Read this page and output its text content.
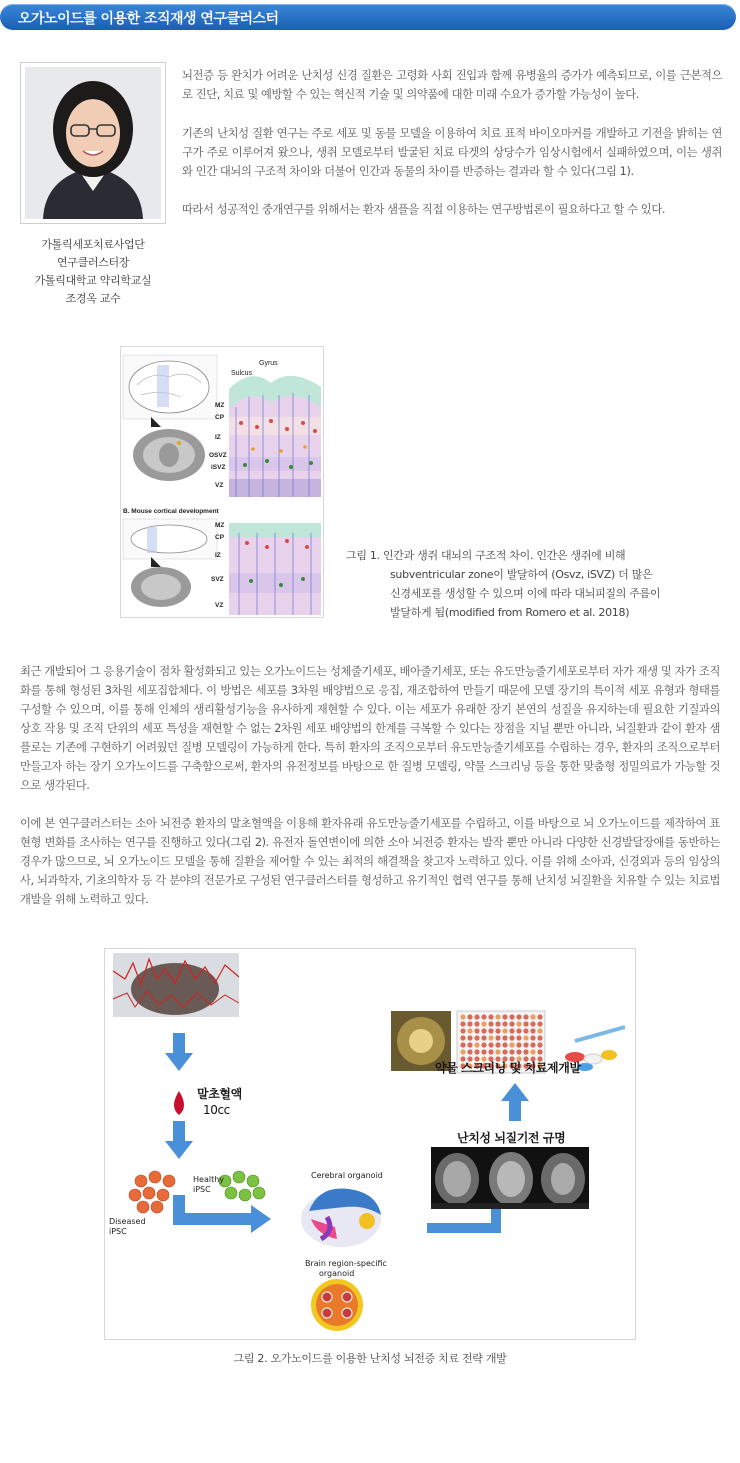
오가노이드를 이용한 조직재생 연구클러스터
가톨릭세포치료사업단
연구클러스터장
가톨릭대학교 약리학교실
조경옥 교수

뇌전증 등 완치가 어려운 난치성 신경 질환은 고령화 사회 진입과 함께 유병율의 증가가 예측되므로, 이를 근본적으로 진단, 치료 및 예방할 수 있는 혁신적 기술 및 의약품에 대한 미래 수요가 증가할 가능성이 높다.

기존의 난치성 질환 연구는 주로 세포 및 동물 모델을 이용하여 치료 표적 바이오마커를 개발하고 기전을 밝히는 연구가 주로 이루어져 왔으나, 생쥐 모델로부터 발굴된 치료 타겟의 상당수가 임상시험에서 실패하였으며, 이는 생쥐와 인간 대뇌의 구조적 차이와 더불어 인간과 동물의 차이를 반증하는 결과라 할 수 있다(그림 1).

따라서 성공적인 중개연구를 위해서는 환자 샘플을 직접 이용하는 연구방법론이 필요하다고 할 수 있다.

Gyrus
Sulcus
MZ
CP
IZ
OSVZ
iSVZ
VZ
B. Mouse cortical development
MZ
CP
IZ
SVZ
VZ
그림 1. 인간과 생쥐 대뇌의 구조적 차이. 인간은 생쥐에 비해
subventricular zone이 발달하여 (Osvz, iSVZ) 더 많은
신경세포를 생성할 수 있으며 이에 따라 대뇌피질의 주름이
발달하게 됨(modified from Romero et al. 2018)

최근 개발되어 그 응용기술이 점차 활성화되고 있는 오가노이드는 성체줄기세포, 배아줄기세포, 또는 유도만능줄기세포로부터 자가 재생 및 자가 조직화를 통해 형성된 3차원 세포집합체다. 이 방법은 세포를 3차원 배양법으로 응집, 재조합하여 만들기 때문에 모델 장기의 특이적 세포 유형과 형태를 구성할 수 있으며, 이를 통해 인체의 생리활성기능을 유사하게 재현할 수 있다. 이는 세포가 유래한 장기 본연의 성질을 유지하는데 필요한 기질과의 상호 작용 및 조직 단위의 세포 특성을 재현할 수 없는 2차원 세포 배양법의 한계를 극복할 수 있다는 장점을 지닐 뿐만 아니라, 뇌질환과 같이 환자 샘플로는 기존에 구현하기 어려웠던 질병 모델링이 가능하게 한다. 특히 환자의 조직으로부터 유도만능줄기세포를 수립하는 경우, 환자의 조직으로부터 만들고자 하는 장기 오가노이드를 구축함으로써, 환자의 유전정보를 바탕으로 한 질병 모델링, 약물 스크리닝 등을 통한 맞춤형 정밀의료가 가능할 것으로 생각된다.

이에 본 연구클러스터는 소아 뇌전증 환자의 말초혈액을 이용해 환자유래 유도만능줄기세포를 수립하고, 이를 바탕으로 뇌 오가노이드를 제작하여 표현형 변화를 조사하는 연구를 진행하고 있다(그림 2). 유전자 돌연변이에 의한 소아 뇌전증 환자는 발작 뿐만 아니라 다양한 신경발달장애를 동반하는 경우가 많으므로, 뇌 오가노이드 모델을 통해 질환을 제어할 수 있는 최적의 해결책을 찾고자 노력하고 있다. 이를 위해 소아과, 신경외과 등의 임상의사, 뇌과학자, 기초의학자 등 각 분야의 전문가로 구성된 연구클러스터를 형성하고 유기적인 협력 연구를 통해 난치성 뇌질환을 치유할 수 있는 치료법 개발을 위해 노력하고 있다.

말초혈액
10cc
Healthy
iPSC
Diseased
iPSC
Cerebral organoid
Brain region-specific
organoid
난치성 뇌질기전 규명
약물 스크리닝 및 치료제개발
그림 2. 오가노이드를 이용한 난치성 뇌전증 치료 전략 개발
